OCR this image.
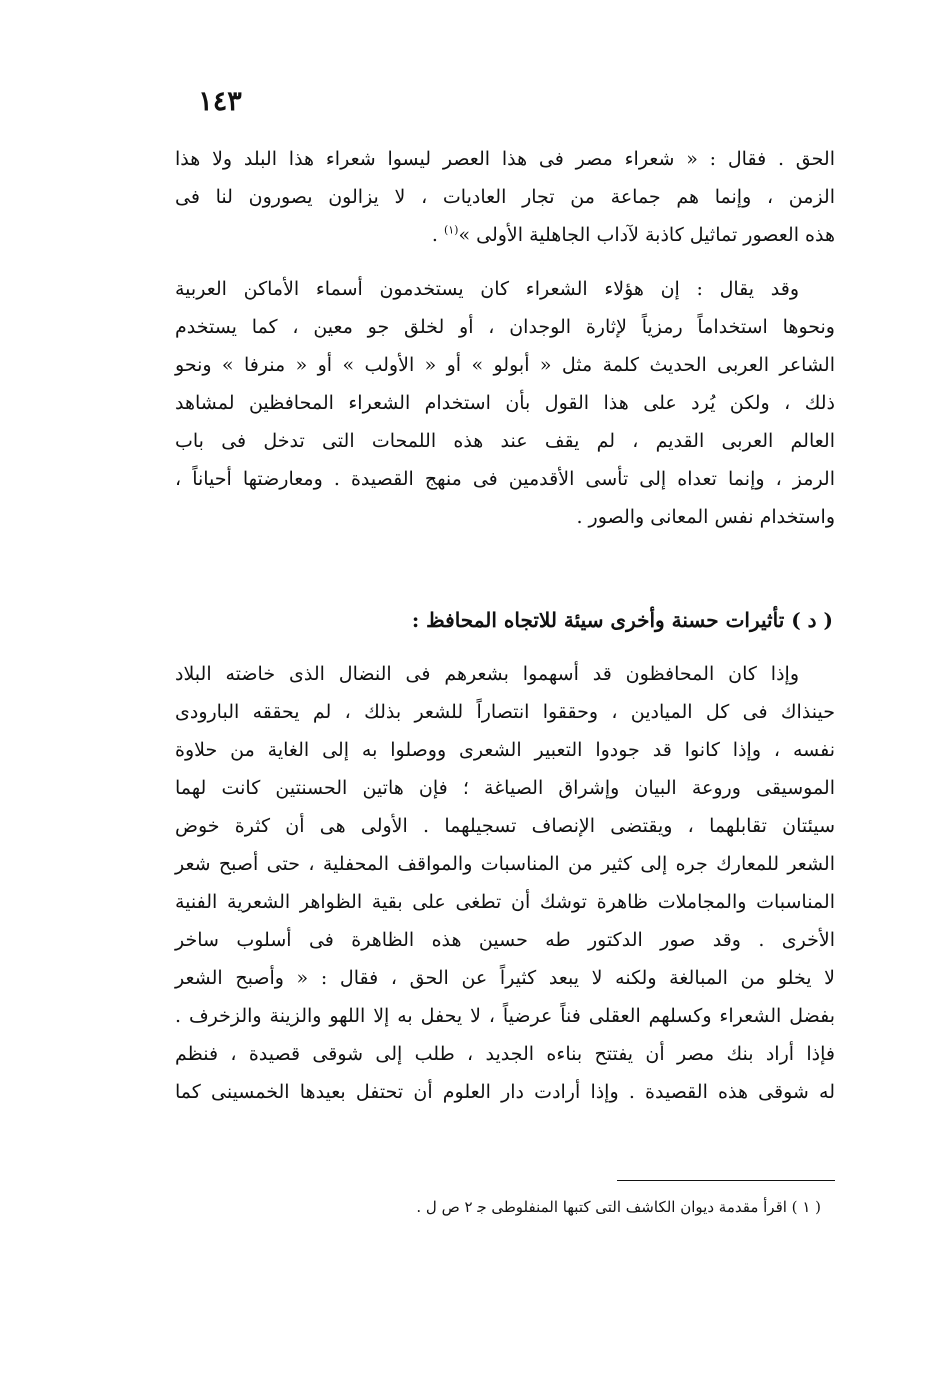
١٤٣
الحق . فقال : « شعراء مصر فى هذا العصر ليسوا شعراء هذا البلد ولا هذا
الزمن ، وإنما هم جماعة من تجار العاديات ، لا يزالون يصورون لنا فى
هذه العصور تماثيل كاذبة لآداب الجاهلية الأولى »$^{(١)}$ .
وقد يقال : إن هؤلاء الشعراء كان يستخدمون أسماء الأماكن العربية
ونحوها استخداماً رمزياً لإثارة الوجدان ، أو لخلق جو معين ، كما يستخدم
الشاعر العربى الحديث كلمة مثل « أبولو » أو « الأولب » أو « منرفا » ونحو
ذلك ، ولكن يُرد على هذا القول بأن استخدام الشعراء المحافظين لمشاهد
العالم العربى القديم ، لم يقف عند هذه اللمحات التى تدخل فى باب
الرمز ، وإنما تعداه إلى تأسى الأقدمين فى منهج القصيدة . ومعارضتها أحياناً ،
واستخدام نفس المعانى والصور .
( د ) تأثيرات حسنة وأخرى سيئة للاتجاه المحافظ :
وإذا كان المحافظون قد أسهموا بشعرهم فى النضال الذى خاضته البلاد
حينذاك فى كل الميادين ، وحققوا انتصاراً للشعر بذلك ، لم يحققه البارودى
نفسه ، وإذا كانوا قد جودوا التعبير الشعرى ووصلوا به إلى الغاية من حلاوة
الموسيقى وروعة البيان وإشراق الصياغة ؛ فإن هاتين الحسنتين كانت لهما
سيئتان تقابلهما ، ويقتضى الإنصاف تسجيلهما . الأولى هى أن كثرة خوض
الشعر للمعارك جره إلى كثير من المناسبات والمواقف المحفلية ، حتى أصبح شعر
المناسبات والمجاملات ظاهرة توشك أن تطغى على بقية الظواهر الشعرية الفنية
الأخرى . وقد صور الدكتور طه حسين هذه الظاهرة فى أسلوب ساخر
لا يخلو من المبالغة ولكنه لا يبعد كثيراً عن الحق ، فقال : « وأصبح الشعر
بفضل الشعراء وكسلهم العقلى فناً عرضياً ، لا يحفل به إلا اللهو والزينة والزخرف .
فإذا أراد بنك مصر أن يفتتح بناءه الجديد ، طلب إلى شوقى قصيدة ، فنظم
له شوقى هذه القصيدة . وإذا أرادت دار العلوم أن تحتفل بعيدها الخمسينى كما
( ١ ) اقرأ مقدمة ديوان الكاشف التى كتبها المنفلوطى ﺟ ٢ ص ل .
